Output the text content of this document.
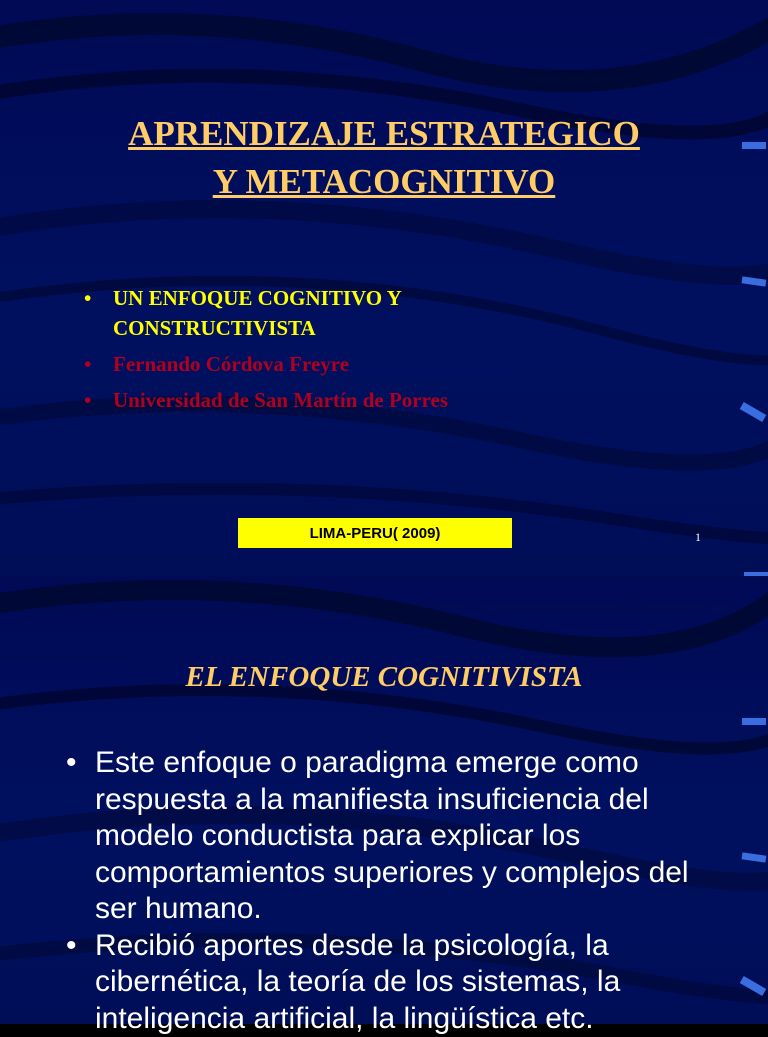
APRENDIZAJE ESTRATEGICO
Y METACOGNITIVO
• UN ENFOQUE COGNITIVO Y CONSTRUCTIVISTA
• Fernando Córdova Freyre
• Universidad de San Martín de Porres
LIMA-PERU( 2009)	1
EL ENFOQUE COGNITIVISTA
• Este enfoque o paradigma emerge como respuesta a la manifiesta insuficiencia del modelo conductista para explicar los comportamientos superiores y complejos del ser humano.
• Recibió aportes desde la psicología, la cibernética, la teoría de los sistemas, la inteligencia artificial, la lingüística etc.
